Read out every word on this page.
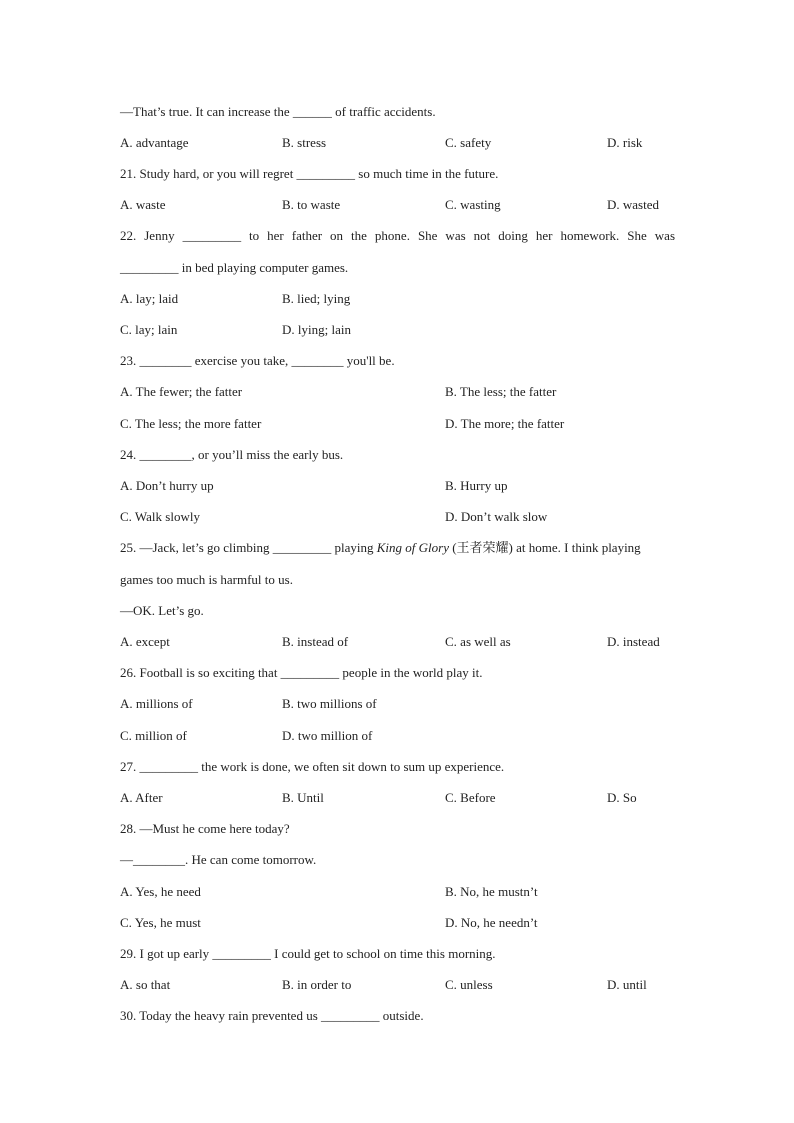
—That’s true. It can increase the ______ of traffic accidents.
A. advantage	B. stress	C. safety	D. risk
21. Study hard, or you will regret _________ so much time in the future.
A. waste	B. to waste	C. wasting	D. wasted
22. Jenny _________ to her father on the phone. She was not doing her homework. She was
_________ in bed playing computer games.
A. lay; laid	B. lied; lying
C. lay; lain	D. lying; lain
23. ________ exercise you take, ________ you'll be.
A. The fewer; the fatter	B. The less; the fatter
C. The less; the more fatter	D. The more; the fatter
24. ________, or you’ll miss the early bus.
A. Don’t hurry up	B. Hurry up
C. Walk slowly	D. Don’t walk slow
25. —Jack, let’s go climbing _________ playing King of Glory (王者荣耀) at home. I think playing
games too much is harmful to us.
—OK. Let’s go.
A. except	B. instead of	C. as well as	D. instead
26. Football is so exciting that _________ people in the world play it.
A. millions of	B. two millions of
C. million of	D. two million of
27. _________ the work is done, we often sit down to sum up experience.
A. After	B. Until	C. Before	D. So
28. —Must he come here today?
—________. He can come tomorrow.
A. Yes, he need	B. No, he mustn’t
C. Yes, he must	D. No, he needn’t
29. I got up early _________ I could get to school on time this morning.
A. so that	B. in order to	C. unless	D. until
30. Today the heavy rain prevented us _________ outside.
